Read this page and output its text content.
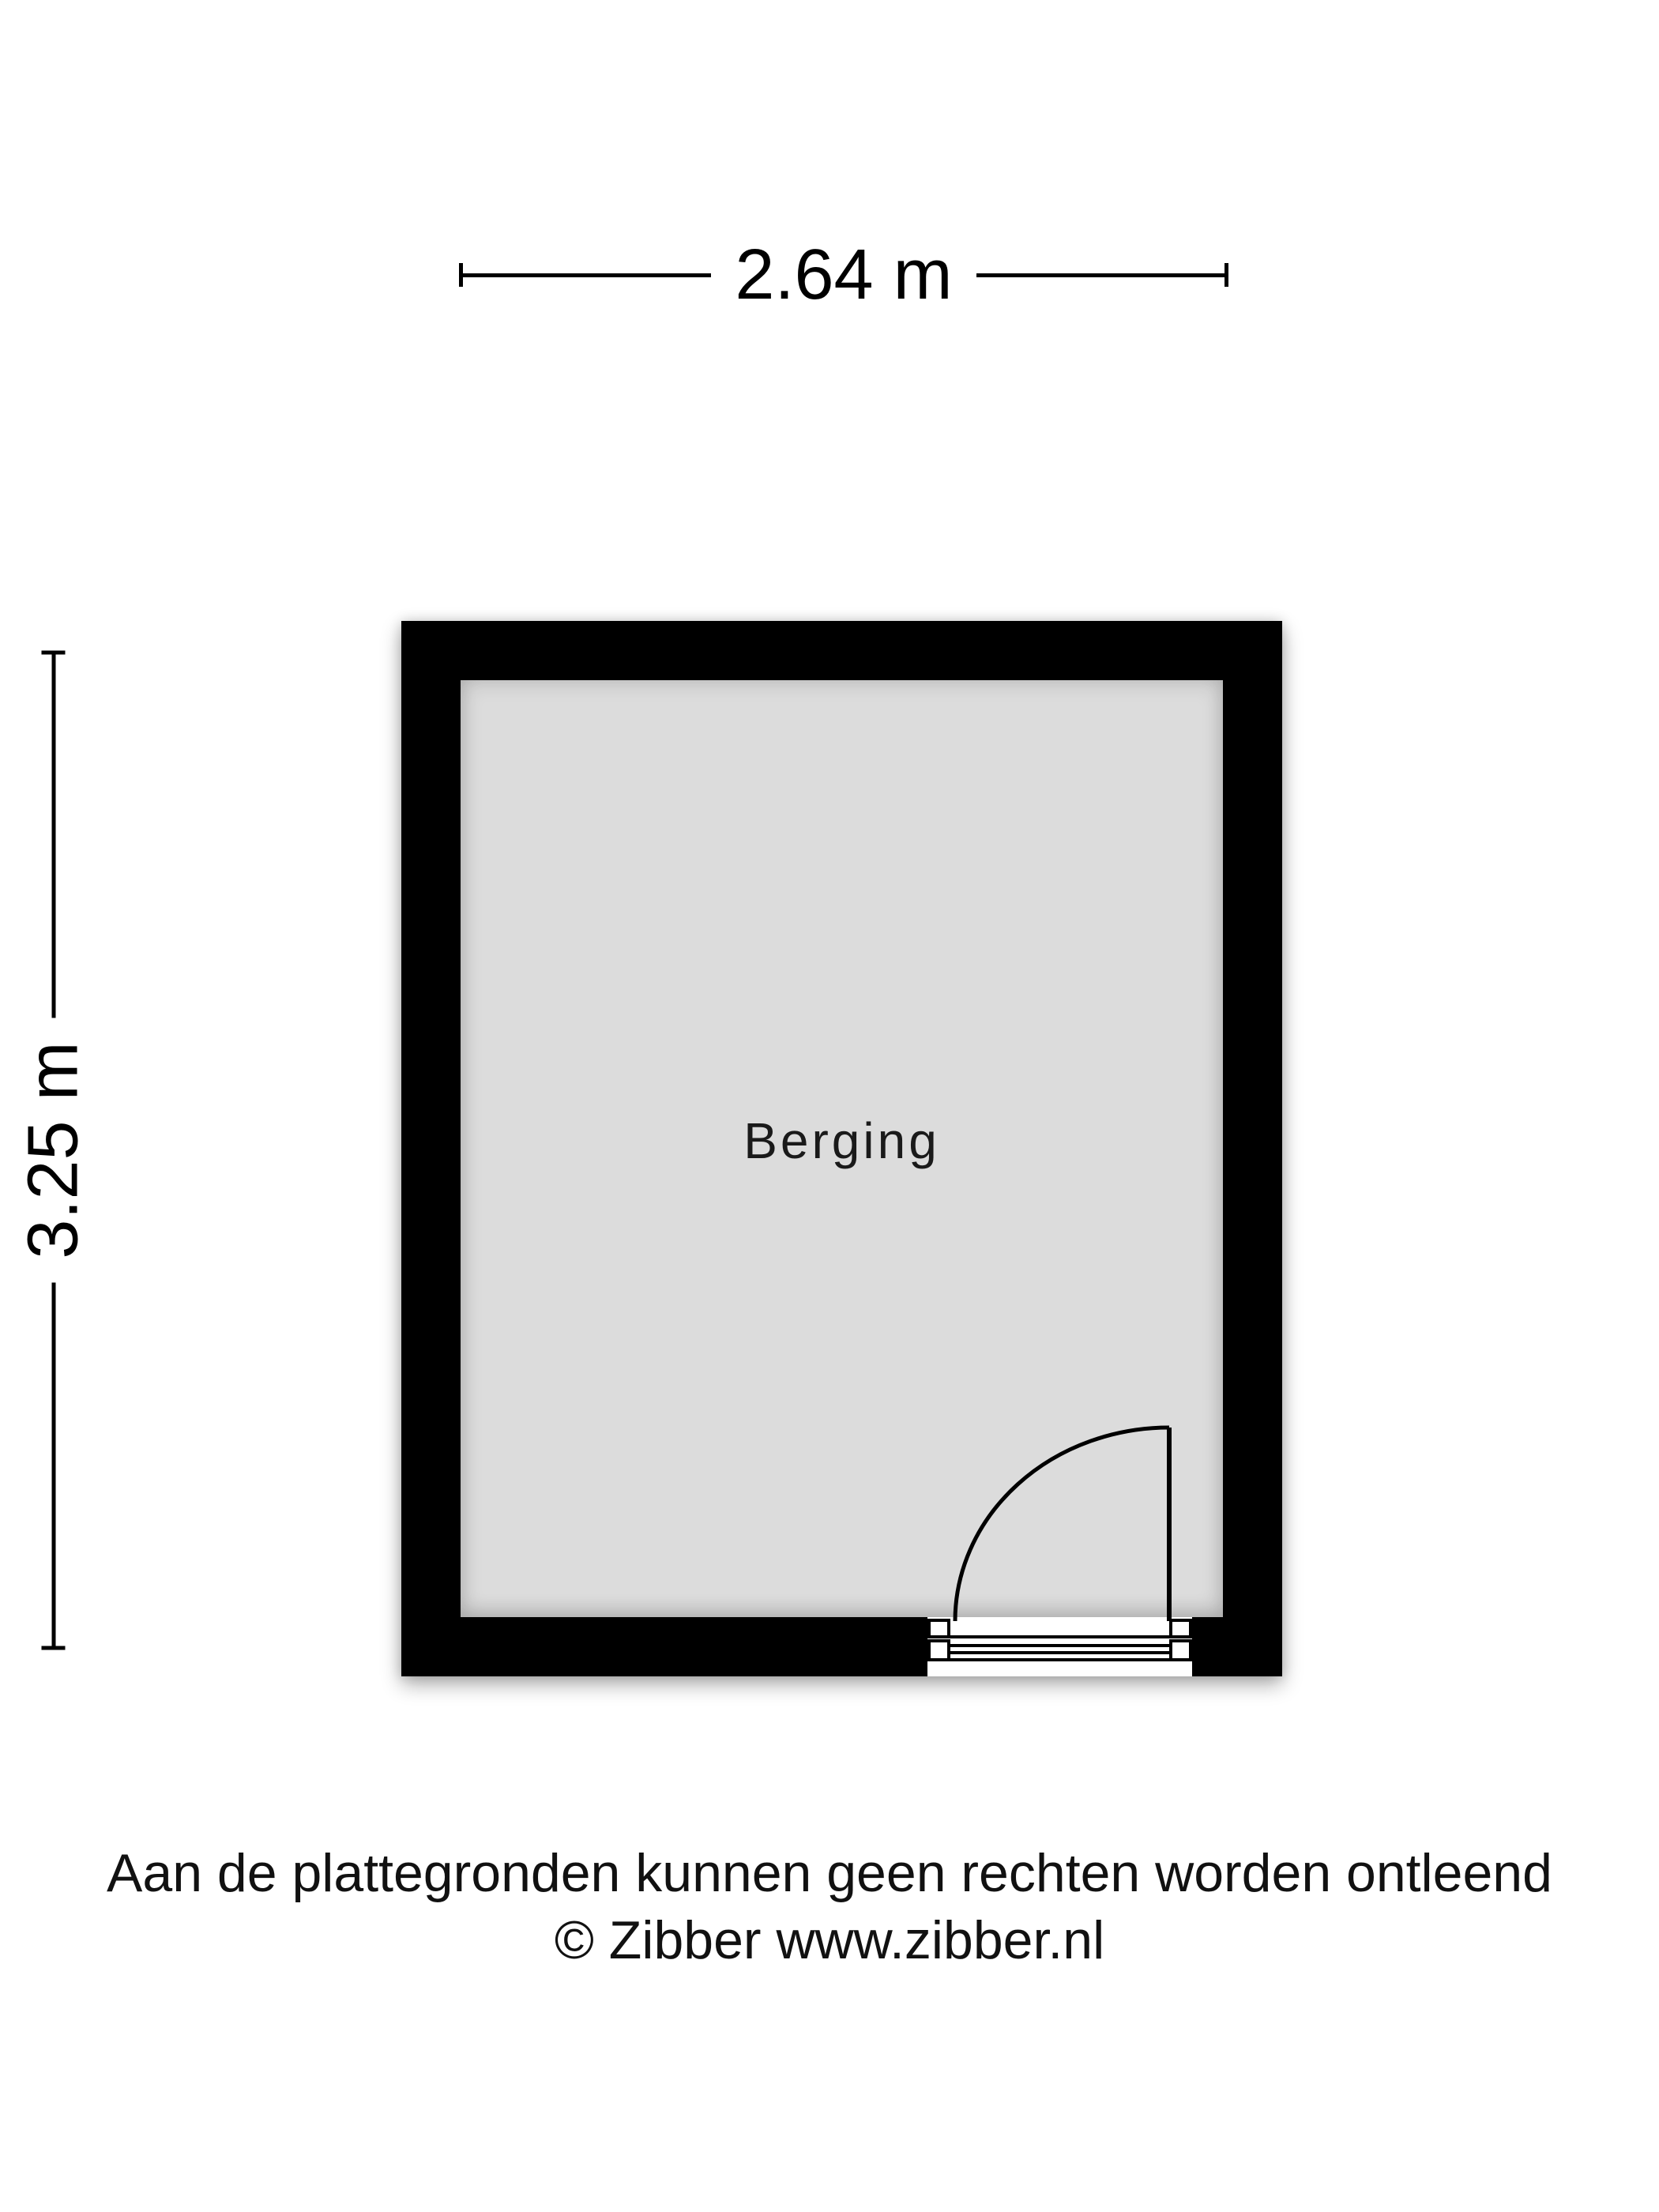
2.64 m
3.25 m	Berging
Aan de plattegronden kunnen geen rechten worden ontleend
© Zibber www.zibber.nl
